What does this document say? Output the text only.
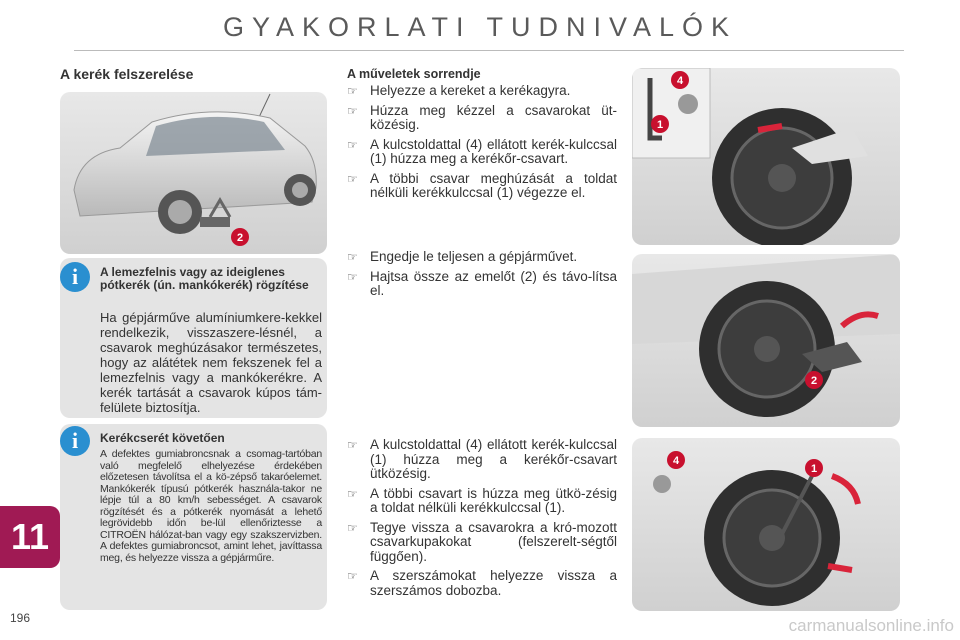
GYAKORLATI TUDNIVALÓK
11
196
A kerék felszerelése
2
i	A lemezfelnis vagy az ideiglenes pótkerék (ún. mankókerék) rögzítése
Ha gépjárműve alumíniumkere-kekkel rendelkezik, visszaszere-lésnél, a csavarok meghúzásakor természetes, hogy az alátétek nem fekszenek fel a lemezfelnis vagy a mankókerékre. A kerék tartását a csavarok kúpos tám-felülete biztosítja.
i	Kerékcserét követően
A defektes gumiabroncsnak a csomag-tartóban való megfelelő elhelyezése érdekében előzetesen távolítsa el a kö-zépső takaróelemet. Mankókerék típusú pótkerék használa-takor ne lépje túl a 80 km/h sebességet. A csavarok rögzítését és a pótkerék nyomását a lehető legrövidebb időn be-lül ellenőriztesse a CITROËN hálózat-ban vagy egy szakszervizben. A defektes gumiabroncsot, amint lehet, javíttassa meg, és helyezze vissza a gépjárműre.
A műveletek sorrendje
☞ Helyezze a kereket a kerékagyra.
☞ Húzza meg kézzel a csavarokat üt-közésig.
☞ A kulcstoldattal (4) ellátott kerék-kulccsal (1) húzza meg a kerékőr-csavart.
☞ A többi csavar meghúzását a toldat nélküli kerékkulccsal (1) végezze el.
☞ Engedje le teljesen a gépjárművet.
☞ Hajtsa össze az emelőt (2) és távo-lítsa el.
☞ A kulcstoldattal (4) ellátott kerék-kulccsal (1) húzza meg a kerékőr-csavart ütközésig.
☞ A többi csavart is húzza meg ütkö-zésig a toldat nélküli kerékkulccsal (1).
☞ Tegye vissza a csavarokra a kró-mozott csavarkupakokat (felszerelt-ségtől függően).
☞ A szerszámokat helyezze vissza a szerszámos dobozba.
4
1
2
4
1
carmanualsonline.info
